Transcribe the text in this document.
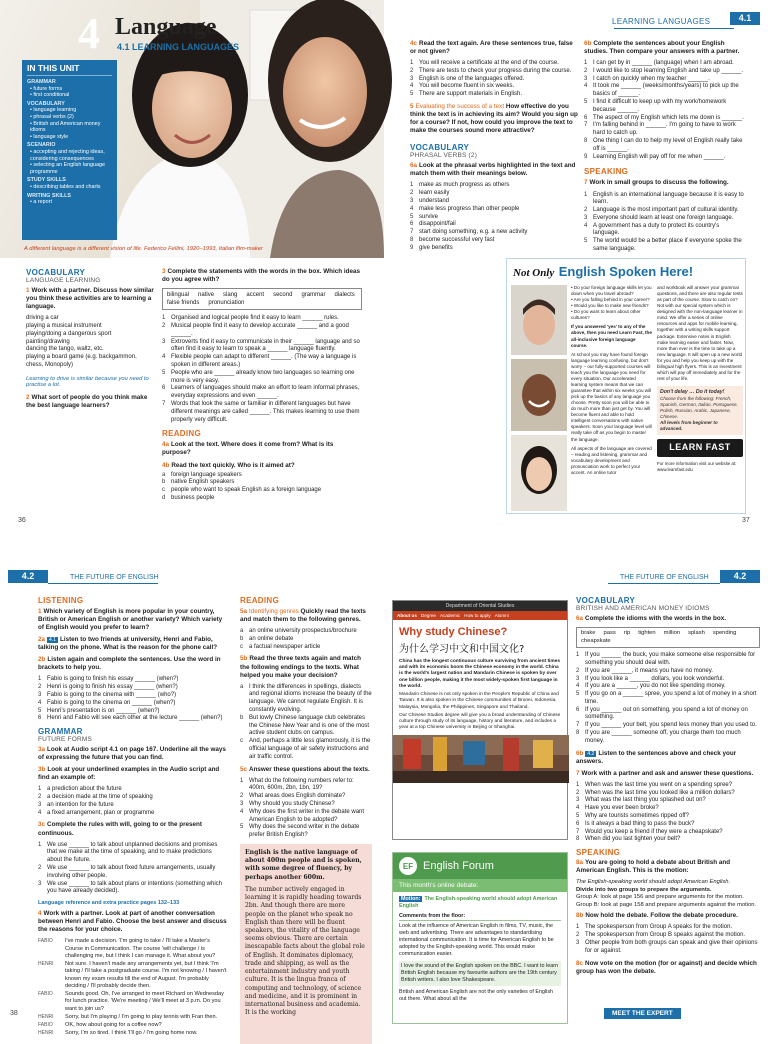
4 Language
4.1 LEARNING LANGUAGES
IN THIS UNIT
GRAMMAR
• future forms
• first conditional
VOCABULARY
• language learning
• phrasal verbs (2)
• British and American money idioms
• language style
SCENARIO
• accepting and rejecting ideas, considering consequences
• selecting an English language programme
STUDY SKILLS
• describing tables and charts
WRITING SKILLS
• a report
A different language is a different vision of life. Federico Fellini, 1920–1993, Italian film-maker
VOCABULARY
LANGUAGE LEARNING
1 Work with a partner. Discuss how similar you think these activities are to learning a language.
driving a car
playing a musical instrument
playing/doing a dangerous sport
painting/drawing
dancing the tango, waltz, etc.
playing a board game (e.g. backgammon, chess, Monopoly)
Learning to drive is similar because you need to practise a lot.
2 What sort of people do you think make the best language learners?
3 Complete the statements with the words in the box. Which ideas do you agree with?
bilingual native slang accent second grammar dialects
false friends pronunciation
1 Organised and logical people find it easy to learn ______ rules.
2 Musical people find it easy to develop accurate ______ and a good ______.
3 Extroverts find it easy to communicate in their ______ language and so often find it easy to learn to speak a ______ language fluently.
4 Flexible people can adapt to different ______. (The way a language is spoken in different areas.)
5 People who are ______ already know two languages so learning one more is very easy.
6 Learners of languages should make an effort to learn informal phrases, everyday expressions and even ______.
7 Words that look the same or familiar in different languages but have different meanings are called ______. This makes learning to use them properly very difficult.
READING
4a Look at the text. Where does it come from? What is its purpose?
4b Read the text quickly. Who is it aimed at?
a foreign language speakers
b native English speakers
c	people who want to speak English as a foreign language
d business people
36
LEARNING LANGUAGES	4.1
4c Read the text again. Are these sentences true, false or not given?
1 You will receive a certificate at the end of the course.
2 There are tests to check your progress during the course.
3 English is one of the languages offered.
4 You will become fluent in six weeks.
5 There are support materials in English.
5 Evaluating the success of a text How effective do you think the text is in achieving its aim? Would you sign up for a course? If not, how could you improve the text to make the courses sound more attractive?
VOCABULARY
PHRASAL VERBS (2)
6a Look at the phrasal verbs highlighted in the text and match them with their meanings below.
1 make as much progress as others
2 learn easily
3 understand
4 make less progress than other people
5 survive
6 disappoint/fail
7 start doing something, e.g. a new activity
8 become successful very fast
9 give benefits
6b Complete the sentences about your English studies. Then compare your answers with a partner.
1 I can get by in ______ (language) when I am abroad.
2 I would like to stop learning English and take up ______.
3 I catch on quickly when my teacher ______.
4 It took me ______ (weeks/months/years) to pick up the basics of ______.
5 I find it difficult to keep up with my work/homework because ______.
6 The aspect of my English which lets me down is ______.
7 I'm falling behind in ______. I'm going to have to work hard to catch up.
8 One thing I can do to help my level of English really take off is ______.
9 Learning English will pay off for me when ______.
SPEAKING
7 Work in small groups to discuss the following.
1 English is an international language because it is easy to learn.
2 Language is the most important part of cultural identity.
3 Everyone should learn at least one foreign language.
4 A government has a duty to protect its country's language.
5 The world would be a better place if everyone spoke the same language.
Not Only English Spoken Here!
• Do your foreign language skills let you down when you travel abroad?
• Are you falling behind in your career?
• Would you like to make new friends?
• Do you want to learn about other cultures?
If you answered 'yes' to any of the above, then you need Learn Fast, the all-inclusive foreign language course.
At school you may have found foreign language learning confusing, but don't worry – our fully-supported courses will teach you the language you need for every situation. Our accelerated learning system means that we can guarantee that within six weeks you will pick up the basics of any language you choose. Pretty soon you will be able to do much more than just get by. You will become fluent and able to hold intelligent conversations with native speakers. Soon your language level will really take off as you begin to master the language.
All aspects of the language are covered – reading and listening, grammar and vocabulary development and pronunciation work to perfect your accent. An online tutor
and workbook will answer your grammar questions, and there are also regular tests as part of the course. Slow to catch on? Not with our special system which is designed with the non-language learner in mind. We offer a series of online resources and apps for mobile learning, together with a writing skills support package. Extensive notes in English make learning easier and faster. Now, more than ever is the time to take up a new language. It will open up a new world for you and help you keep up with the bilingual high flyers. This is an investment which will pay off immediately and for the rest of your life.
Don't delay … Do it today!
Choose from the following: French, Spanish, German, Italian, Portuguese, Polish, Russian, Arabic, Japanese, Chinese.
All levels from beginner to advanced.
LEARN FAST
For more information visit our website at: www.learnfast.edu
37
4.2	THE FUTURE OF ENGLISH
LISTENING
1 Which variety of English is more popular in your country, British or American English or another variety? Which variety of English would you prefer to learn?
2a 4.1 Listen to two friends at university, Henri and Fabio, talking on the phone. What is the reason for the phone call?
2b Listen again and complete the sentences. Use the word in brackets to help you.
1 Fabio is going to finish his essay ______ (when?)
2 Henri is going to finish his essay ______ (when?)
3 Fabio is going to the cinema with ______ (who?)
4 Fabio is going to the cinema on ______ (when?)
5 Henri's presentation is on ______ (when?)
6 Henri and Fabio will see each other at the lecture ______ (when?)
GRAMMAR
FUTURE FORMS
3a Look at Audio script 4.1 on page 167. Underline all the ways of expressing the future that you can find.
3b Look at your underlined examples in the Audio script and find an example of:
1 a prediction about the future
2 a decision made at the time of speaking
3 an intention for the future
4 a fixed arrangement, plan or programme
3c Complete the rules with will, going to or the present continuous.
1 We use ______ to talk about unplanned decisions and promises that we make at the time of speaking, and to make predictions about the future.
2 We use ______ to talk about fixed future arrangements, usually involving other people.
3 We use ______ to talk about plans or intentions (something which you have already decided).
Language reference and extra practice pages 132–133
4 Work with a partner. Look at part of another conversation between Henri and Fabio. Choose the best answer and discuss the reasons for your choice.
FABIO	I've made a decision. 'I'm going to take / I'll take a Master's Course in Communication. The course 'will challenge / is challenging me, but I think I can manage it. What about you?
HENRI	Not sure. I haven't made any arrangements yet, but I think 'I'm taking / I'll take a postgraduate course. I'm not knowing / I haven't known my exam results till the end of August. I'm probably deciding / I'll probably decide then.
FABIO	Sounds good. Oh, I've arranged to meet Richard on Wednesday for lunch practice. 'We're meeting / We'll meet at 3 p.m. Do you want to join us?
HENRI	Sorry, but I'm playing / I'm going to play tennis with Fran then.
FABIO	OK, how about going for a coffee now?
HENRI	Sorry, I'm so tired. I think 'I'll go / I'm going home now.
READING
5a Identifying genres Quickly read the texts and match them to the following genres.
a an online university prospectus/brochure
b an online debate
c	a factual newspaper article
5b Read the three texts again and match the following endings to the texts. What helped you make your decision?
a I think the differences in spellings, dialects and regional idioms increase the beauty of the language. We cannot regulate English. It is constantly evolving.
b But lowly Chinese language club celebrates the Chinese New Year and is one of the most active student clubs on campus.
c	And, perhaps a little less glamorously, it is the official language of air safety instructions and air traffic control.
5c Answer these questions about the texts.
1 What do the following numbers refer to: 400m, 600m, 2bn, 1bn, 19?
2 What areas does English dominate?
3 Why should you study Chinese?
4 Why does the first writer in the debate want American English to be adopted?
5 Why does the second writer in the debate prefer British English?
English is the native language of about 400m people and is spoken, with some degree of fluency, by perhaps another 600m.
The number actively engaged in learning it is rapidly heading towards 2bn. And though there are more people on the planet who speak no English than there will be fluent speakers, the vitality of the language seems obvious. There are certain inescapable facts about the global role of English. It dominates diplomacy, trade and shipping, as well as the entertainment industry and youth culture. It is the lingua franca of computing and technology, of science and medicine, and it is prominent in international business and academia. It is the working
38
Department of Oriental Studies
About us Degree Academic How to apply Alumni
Why study Chinese?
为什么学习中文和中国文化?
China has the longest continuous culture surviving from ancient times and with its economic boom the Chinese economy in the world. China is the world's largest nation and Mandarin Chinese is spoken by over one billion people, making it the most widely-spoken first language in the world.
Mandarin Chinese is not only spoken in the People's Republic of China and Taiwan. It is also spoken in the Chinese communities of Brunei, Indonesia, Malaysia, Mongolia, the Philippines, Singapore and Thailand.
Our Chinese Studies degree will give you a broad understanding of Chinese culture through study of its language, history and literature, and includes a year at a top Chinese university in Beijing or Shanghai.
EF English Forum
This month's online debate:
Motion: The English-speaking world should adopt American English
Comments from the floor:
Look at the influence of American English in films, TV, music, the web and advertising. There are advantages to standardising international communication. It is time for American English to be adopted by the English-speaking world. This would make communication easier.
I love the sound of the English spoken on the BBC. I want to learn British English because my favourite authors are the 19th century British writers. I also love Shakespeare.
British and American English are not the only varieties of English out there. What about all the
THE FUTURE OF ENGLISH	4.2
VOCABULARY
BRITISH AND AMERICAN MONEY IDIOMS
6a Complete the idioms with the words in the box.
brake pass rip tighten million splash spending
cheapskate
1 If you ______ the buck, you make someone else responsible for something you should deal with.
2 If you are ______, it means you have no money.
3 If you look like a ______ dollars, you look wonderful.
4 If you are a ______, you do not like spending money.
5 If you go on a ______ spree, you spend a lot of money in a short time.
6 If you ______ out on something, you spend a lot of money on something.
7 If you ______ your belt, you spend less money than you used to.
8 If you are ______ someone off, you charge them too much money.
6b 4.2 Listen to the sentences above and check your answers.
7 Work with a partner and ask and answer these questions.
1 When was the last time you went on a spending spree?
2 When was the last time you looked like a million dollars?
3 What was the last thing you splashed out on?
4 Have you ever been broke?
5 Why are tourists sometimes ripped off?
6 Is it always a bad thing to pass the buck?
7 Would you keep a friend if they were a cheapskate?
8 When did you last tighten your belt?
SPEAKING
8a You are going to hold a debate about British and American English. This is the motion:
The English-speaking world should adopt American English.
Divide into two groups to prepare the arguments.
Group A: look at page 156 and prepare arguments for the motion.
Group B: look at page 158 and prepare arguments against the motion.
8b Now hold the debate. Follow the debate procedure.
1 The spokesperson from Group A speaks for the motion.
2 The spokesperson from Group B speaks against the motion.
3 Other people from both groups can speak and give their opinions for or against.
8c Now vote on the motion (for or against) and decide which group has won the debate.
MEET THE EXPERT
